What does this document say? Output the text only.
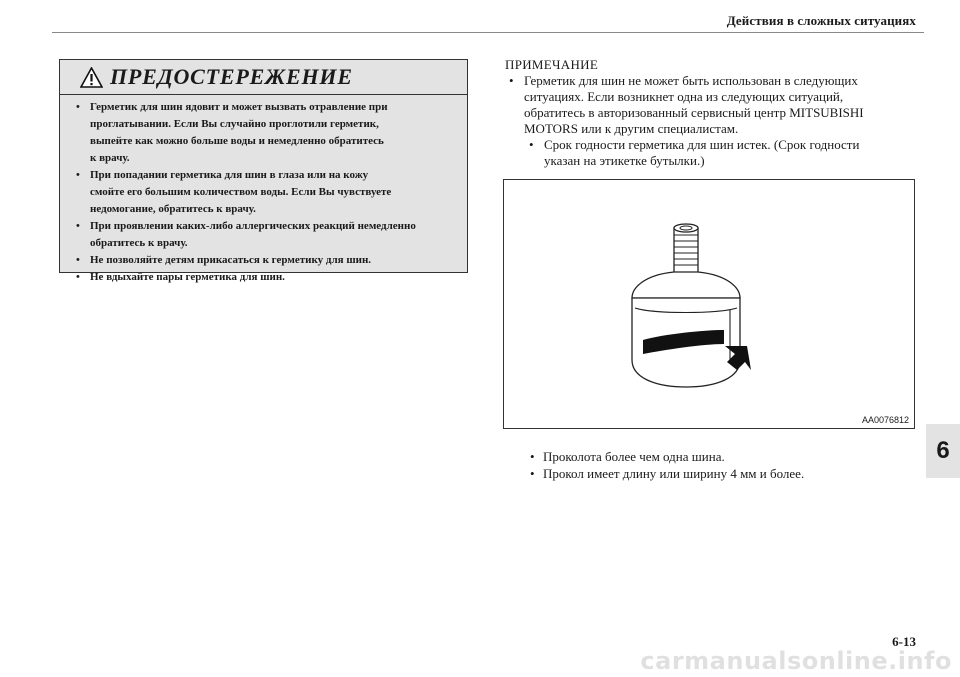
Действия в сложных ситуациях
ПРЕДОСТЕРЕЖЕНИЕ
• Герметик для шин ядовит и может вызвать отравление при
проглатывании. Если Вы случайно проглотили герметик,
выпейте как можно больше воды и немедленно обратитесь
к врачу.
• При попадании герметика для шин в глаза или на кожу
смойте его большим количеством воды. Если Вы чувствуете
недомогание, обратитесь к врачу.
• При проявлении каких-либо аллергических реакций немедленно
обратитесь к врачу.
• Не позволяйте детям прикасаться к герметику для шин.
• Не вдыхайте пары герметика для шин.
ПРИМЕЧАНИЕ
• Герметик для шин не может быть использован в следующих
ситуациях. Если возникнет одна из следующих ситуаций,
обратитесь в авторизованный сервисный центр MITSUBISHI
MOTORS или к другим специалистам.
• Срок годности герметика для шин истек. (Срок годности
указан на этикетке бутылки.)
AA0076812
• Проколота более чем одна шина.
• Прокол имеет длину или ширину 4 мм и более.
6
6-13
carmanualsonline.info
